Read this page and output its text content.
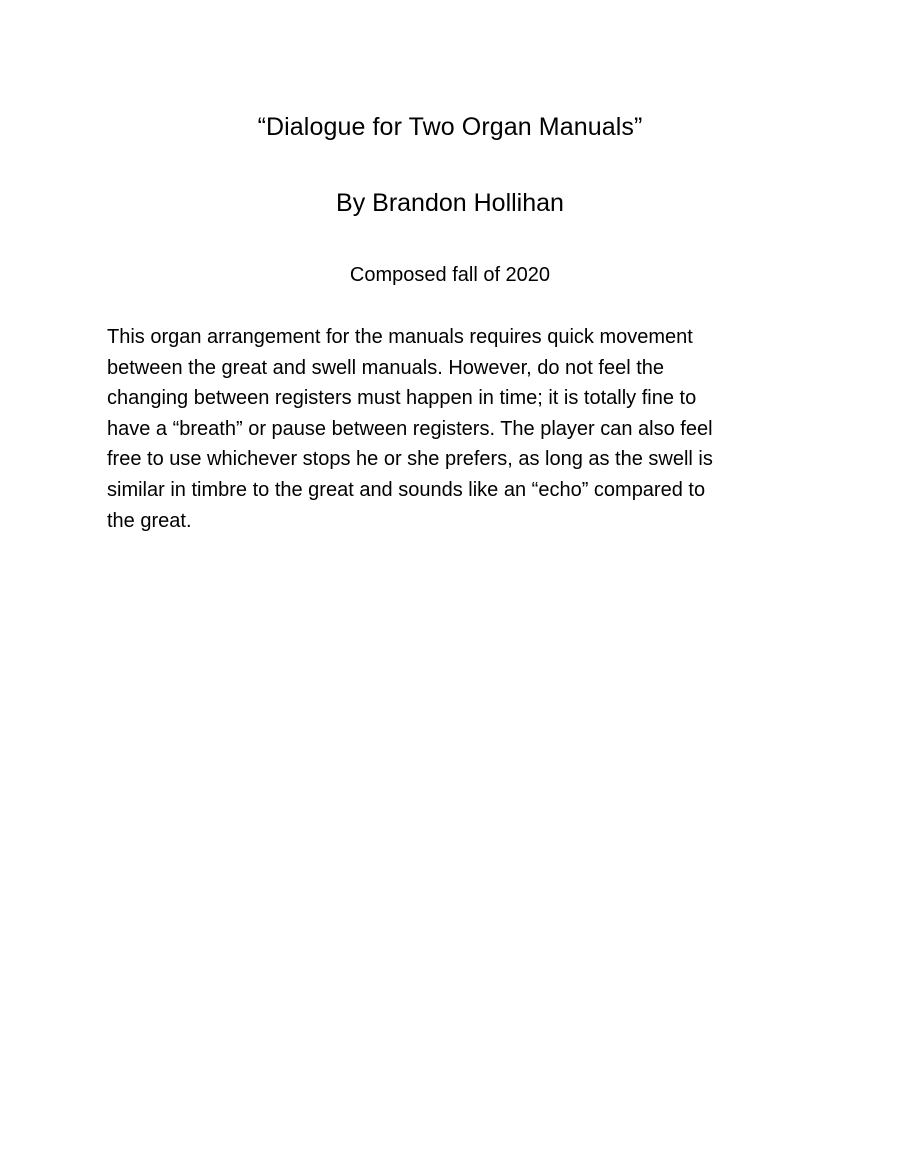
“Dialogue for Two Organ Manuals”
By Brandon Hollihan
Composed fall of 2020
This organ arrangement for the manuals requires quick movement
between the great and swell manuals. However, do not feel the
changing between registers must happen in time; it is totally fine to
have a “breath” or pause between registers. The player can also feel
free to use whichever stops he or she prefers, as long as the swell is
similar in timbre to the great and sounds like an “echo” compared to
the great.
